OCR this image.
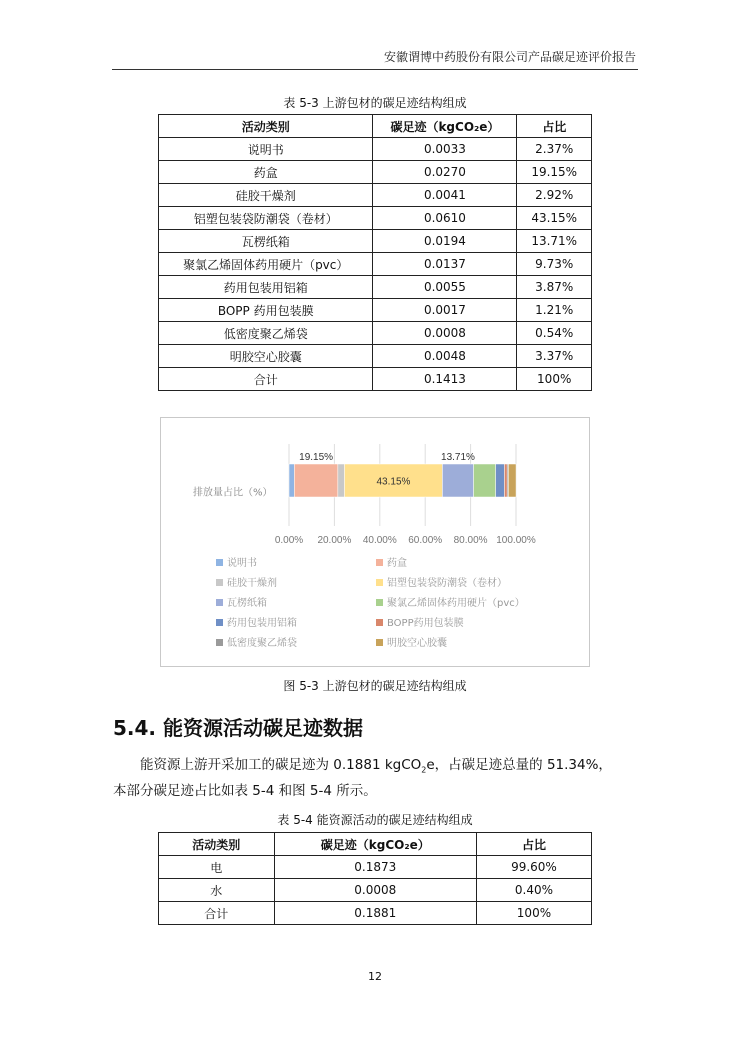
安徽谓博中药股份有限公司产品碳足迹评价报告
表 5-3 上游包材的碳足迹结构组成
活动类别	碳足迹（kgCO₂e）	占比
说明书	0.0033	2.37%
药盒	0.0270	19.15%
硅胶干燥剂	0.0041	2.92%
铝塑包装袋防潮袋（卷材）	0.0610	43.15%
瓦楞纸箱	0.0194	13.71%
聚氯乙烯固体药用硬片（pvc）	0.0137	9.73%
药用包装用铝箱	0.0055	3.87%
BOPP 药用包装膜	0.0017	1.21%
低密度聚乙烯袋	0.0008	0.54%
明胶空心胶囊	0.0048	3.37%
合计	0.1413	100%
0.00% 20.00% 40.00% 60.00% 80.00% 100.00%
排放量占比（%）
19.15%
43.15%
13.71%
说明书	药盒
硅胶干燥剂	铝塑包装袋防潮袋（卷材）
瓦楞纸箱	聚氯乙烯固体药用硬片（pvc）
药用包装用铝箱	BOPP药用包装膜
低密度聚乙烯袋	明胶空心胶囊
图 5-3 上游包材的碳足迹结构组成
5.4. 能资源活动碳足迹数据
能资源上游开采加工的碳足迹为 0.1881 kgCO$_2$e，占碳足迹总量的 51.34%，
本部分碳足迹占比如表 5-4 和图 5-4 所示。
表 5-4 能资源活动的碳足迹结构组成
活动类别	碳足迹（kgCO₂e）	占比
电	0.1873	99.60%
水	0.0008	0.40%
合计	0.1881	100%
12
